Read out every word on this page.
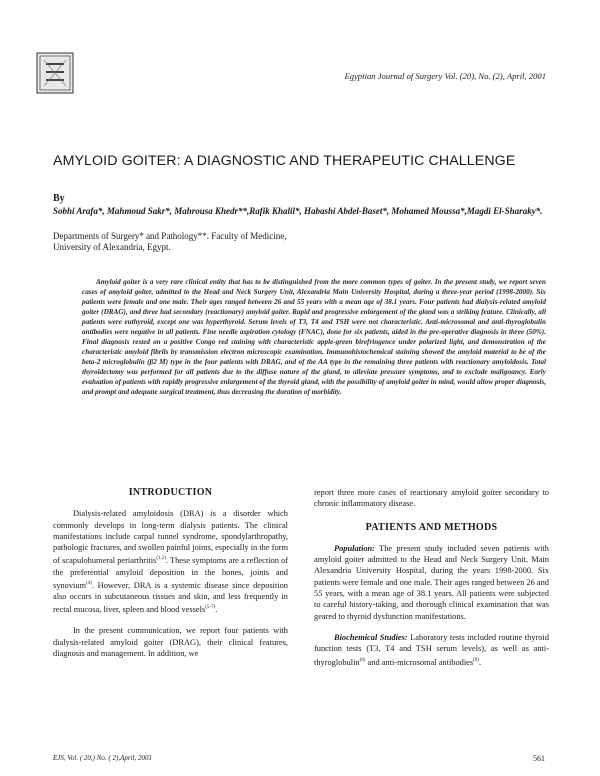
Egyptian Journal of Surgery Vol. (20), No. (2), April, 2001
AMYLOID GOITER: A DIAGNOSTIC AND THERAPEUTIC CHALLENGE
By
Sobhi Arafa*, Mahmoud Sakr*, Mahrousa Khedr**,Rafik Khalil*, Habashi Abdel-Baset*, Mohamed Moussa*,Magdi El-Sharaky*.
Departments of Surgery* and Pathology**. Faculty of Medicine,
University of Alexandria, Egypt.
Amyloid goiter is a very rare clinical entity that has to be distinguished from the more common types of goiter. In the present study, we report seven cases of amyloid goiter, admitted to the Head and Neck Surgery Unit, Alexandria Main University Hospital, during a three-year period (1998-2000). Six patients were female and one male. Their ages ranged between 26 and 55 years with a mean age of 38.1 years. Four patients had dialysis-related amyloid goiter (DRAG), and three had secondary (reactionary) amyloid goiter. Rapid and progressive enlargement of the gland was a striking feature. Clinically, all patients were euthyroid, except one was hyperthyroid. Serum levels of T3, T4 and TSH were not characteristic. Anti-microsomal and anti-thyroglobulin antibodies were negative in all patients. Fine needle aspiration cytology (FNAC), done for six patients, aided in the pre-operative diagnosis in three (50%). Final diagnosis rested on a positive Congo red staining with characteristic apple-green birefringence under polarized light, and demonstration of the characteristic amyloid fibrils by transmission electron microscopic examination. Immunohistochemical staining showed the amyloid material to be of the beta-2 microglobulin (β2 M) type in the four patients with DRAG, and of the AA type in the remaining three patients with reactionary amyloidosis. Total thyroidectomy was performed for all patients due to the diffuse nature of the gland, to alleviate pressure symptoms, and to exclude malignancy. Early evaluation of patients with rapidly progressive enlargement of the thyroid gland, with the possibility of amyloid goiter in mind, would allow proper diagnosis, and prompt and adequate surgical treatment, thus decreasing the duration of morbidity.
INTRODUCTION

Dialysis-related amyloidosis (DRA) is a disorder which commonly develops in long-term dialysis patients. The clinical manifestations include carpal tunnel syndrome, spondylarthropathy, pathologic fractures, and swollen painful joints, especially in the form of scapulohumeral periarthritis$^{(1,2)}$. These symptoms are a reflection of the preferential amyloid deposition in the bones, joints and synovium$^{(4)}$. However, DRA is a systemic disease since deposition also occurs in subcutaneous tissues and skin, and less frequently in rectal mucosa, liver, spleen and blood vessels$^{(5-7)}$.

In the present communication, we report four patients with dialysis-related amyloid goiter (DRAG), their clinical features, diagnosis and management. In addition, we

report three more cases of reactionary amyloid goiter secondary to chronic inflammatory disease.

PATIENTS AND METHODS

Population: The present study included seven patients with amyloid goiter admitted to the Head and Neck Surgery Unit, Main Alexandria University Hospital, during the years 1998-2000. Six patients were female and one male. Their ages ranged between 26 and 55 years, with a mean age of 38.1 years. All patients were subjected to careful history-taking, and thorough clinical examination that was geared to thyroid dysfunction manifestations.

Biochemical Studies: Laboratory tests included routine thyroid function tests (T3, T4 and TSH serum levels), as well as anti-thyroglobulin$^{(8)}$ and anti-microsomal antibodies$^{(9)}$.

EJS, Vol. ( 20,) No. ( 2),April, 2001	561
